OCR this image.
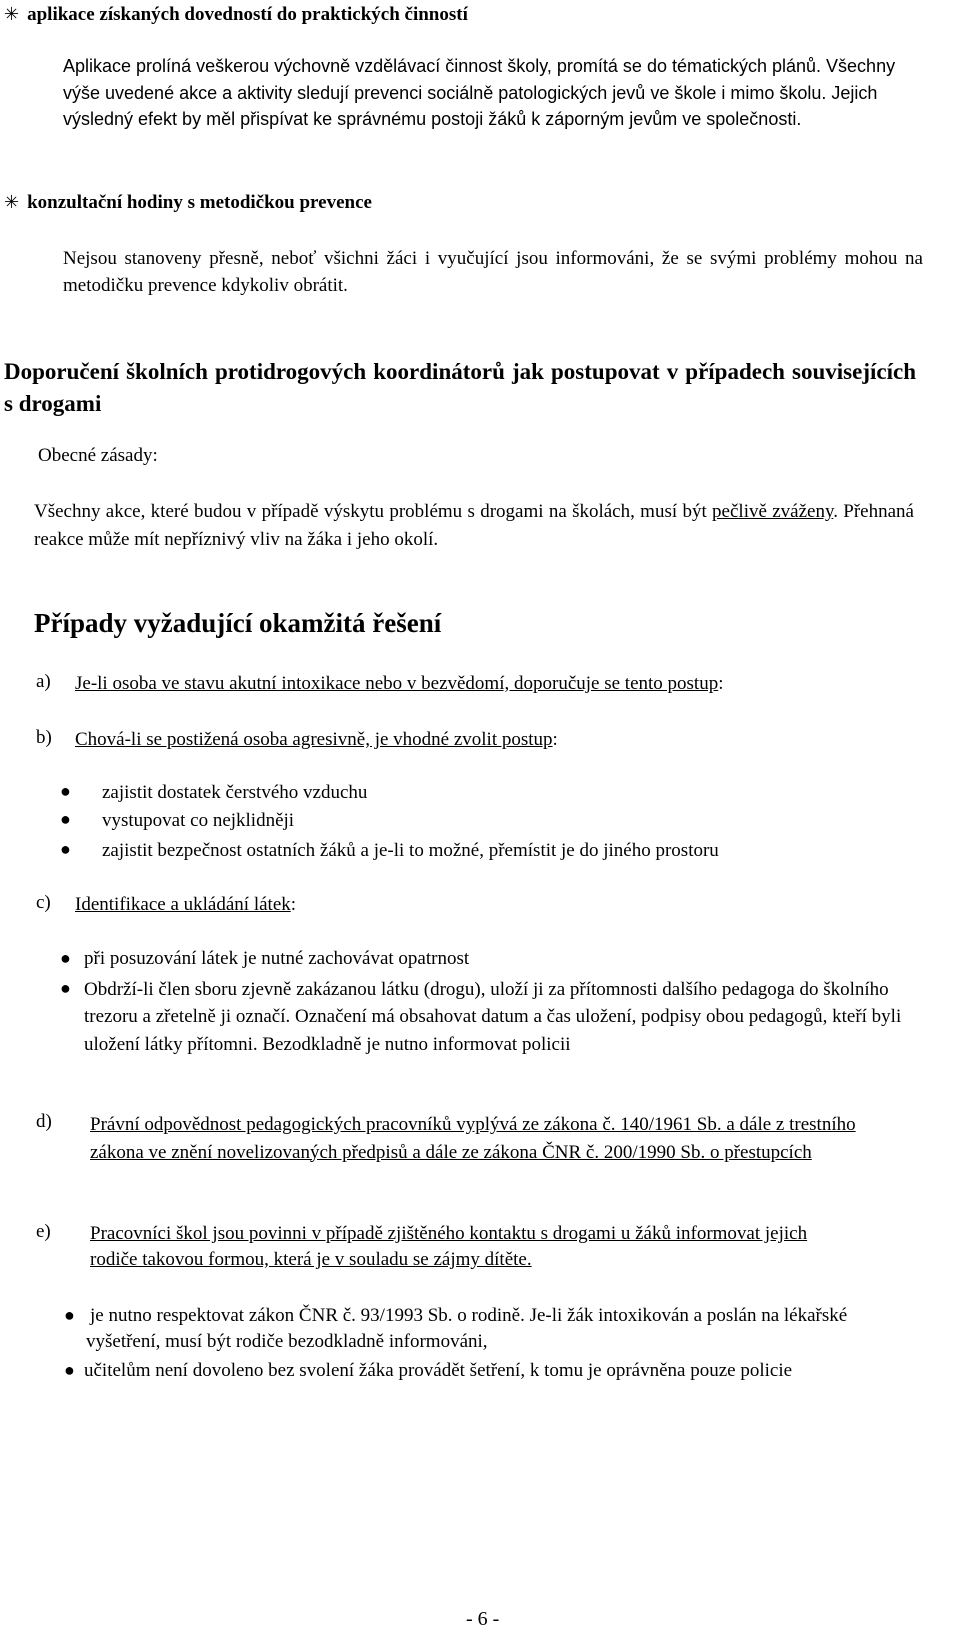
✳ aplikace získaných dovedností do praktických činností

Aplikace prolíná veškerou výchovně vzdělávací činnost školy, promítá se do tématických plánů. Všechny výše uvedené akce a aktivity sledují prevenci sociálně patologických jevů ve škole i mimo školu. Jejich výsledný efekt by měl přispívat ke správnému postoji žáků k záporným jevům ve společnosti.

✳ konzultační hodiny s metodičkou prevence

Nejsou stanoveny přesně, neboť všichni žáci i vyučující jsou informováni, že se svými problémy mohou na metodičku prevence kdykoliv obrátit.

Doporučení školních protidrogových koordinátorů jak postupovat v případech souvisejících s drogami

Obecné zásady:

Všechny akce, které budou v případě výskytu problému s drogami na školách, musí být pečlivě zváženy. Přehnaná reakce může mít nepříznivý vliv na žáka i jeho okolí.

Případy vyžadující okamžitá řešení

a) Je-li osoba ve stavu akutní intoxikace nebo v bezvědomí, doporučuje se tento postup:

b) Chová-li se postižená osoba agresivně, je vhodné zvolit postup:

● zajistit dostatek čerstvého vzduchu

● vystupovat co nejklidněji

● zajistit bezpečnost ostatních žáků a je-li to možné, přemístit je do jiného prostoru

c) Identifikace a ukládání látek:

● při posuzování látek je nutné zachovávat opatrnost

● Obdrží-li člen sboru zjevně zakázanou látku (drogu), uloží ji za přítomnosti dalšího pedagoga do školního trezoru a zřetelně ji označí. Označení má obsahovat datum a čas uložení, podpisy obou pedagogů, kteří byli uložení látky přítomni. Bezodkladně je nutno informovat policii

d) Právní odpovědnost pedagogických pracovníků vyplývá ze zákona č. 140/1961 Sb. a dále z trestního zákona ve znění novelizovaných předpisů a dále ze zákona ČNR č. 200/1990 Sb. o přestupcích

e) Pracovníci škol jsou povinni v případě zjištěného kontaktu s drogami u žáků informovat jejich rodiče takovou formou, která je v souladu se zájmy dítěte.

● je nutno respektovat zákon ČNR č. 93/1993 Sb. o rodině. Je-li žák intoxikován a poslán na lékařské vyšetření, musí být rodiče bezodkladně informováni,

● učitelům není dovoleno bez svolení žáka provádět šetření, k tomu je oprávněna pouze policie

- 6 -
